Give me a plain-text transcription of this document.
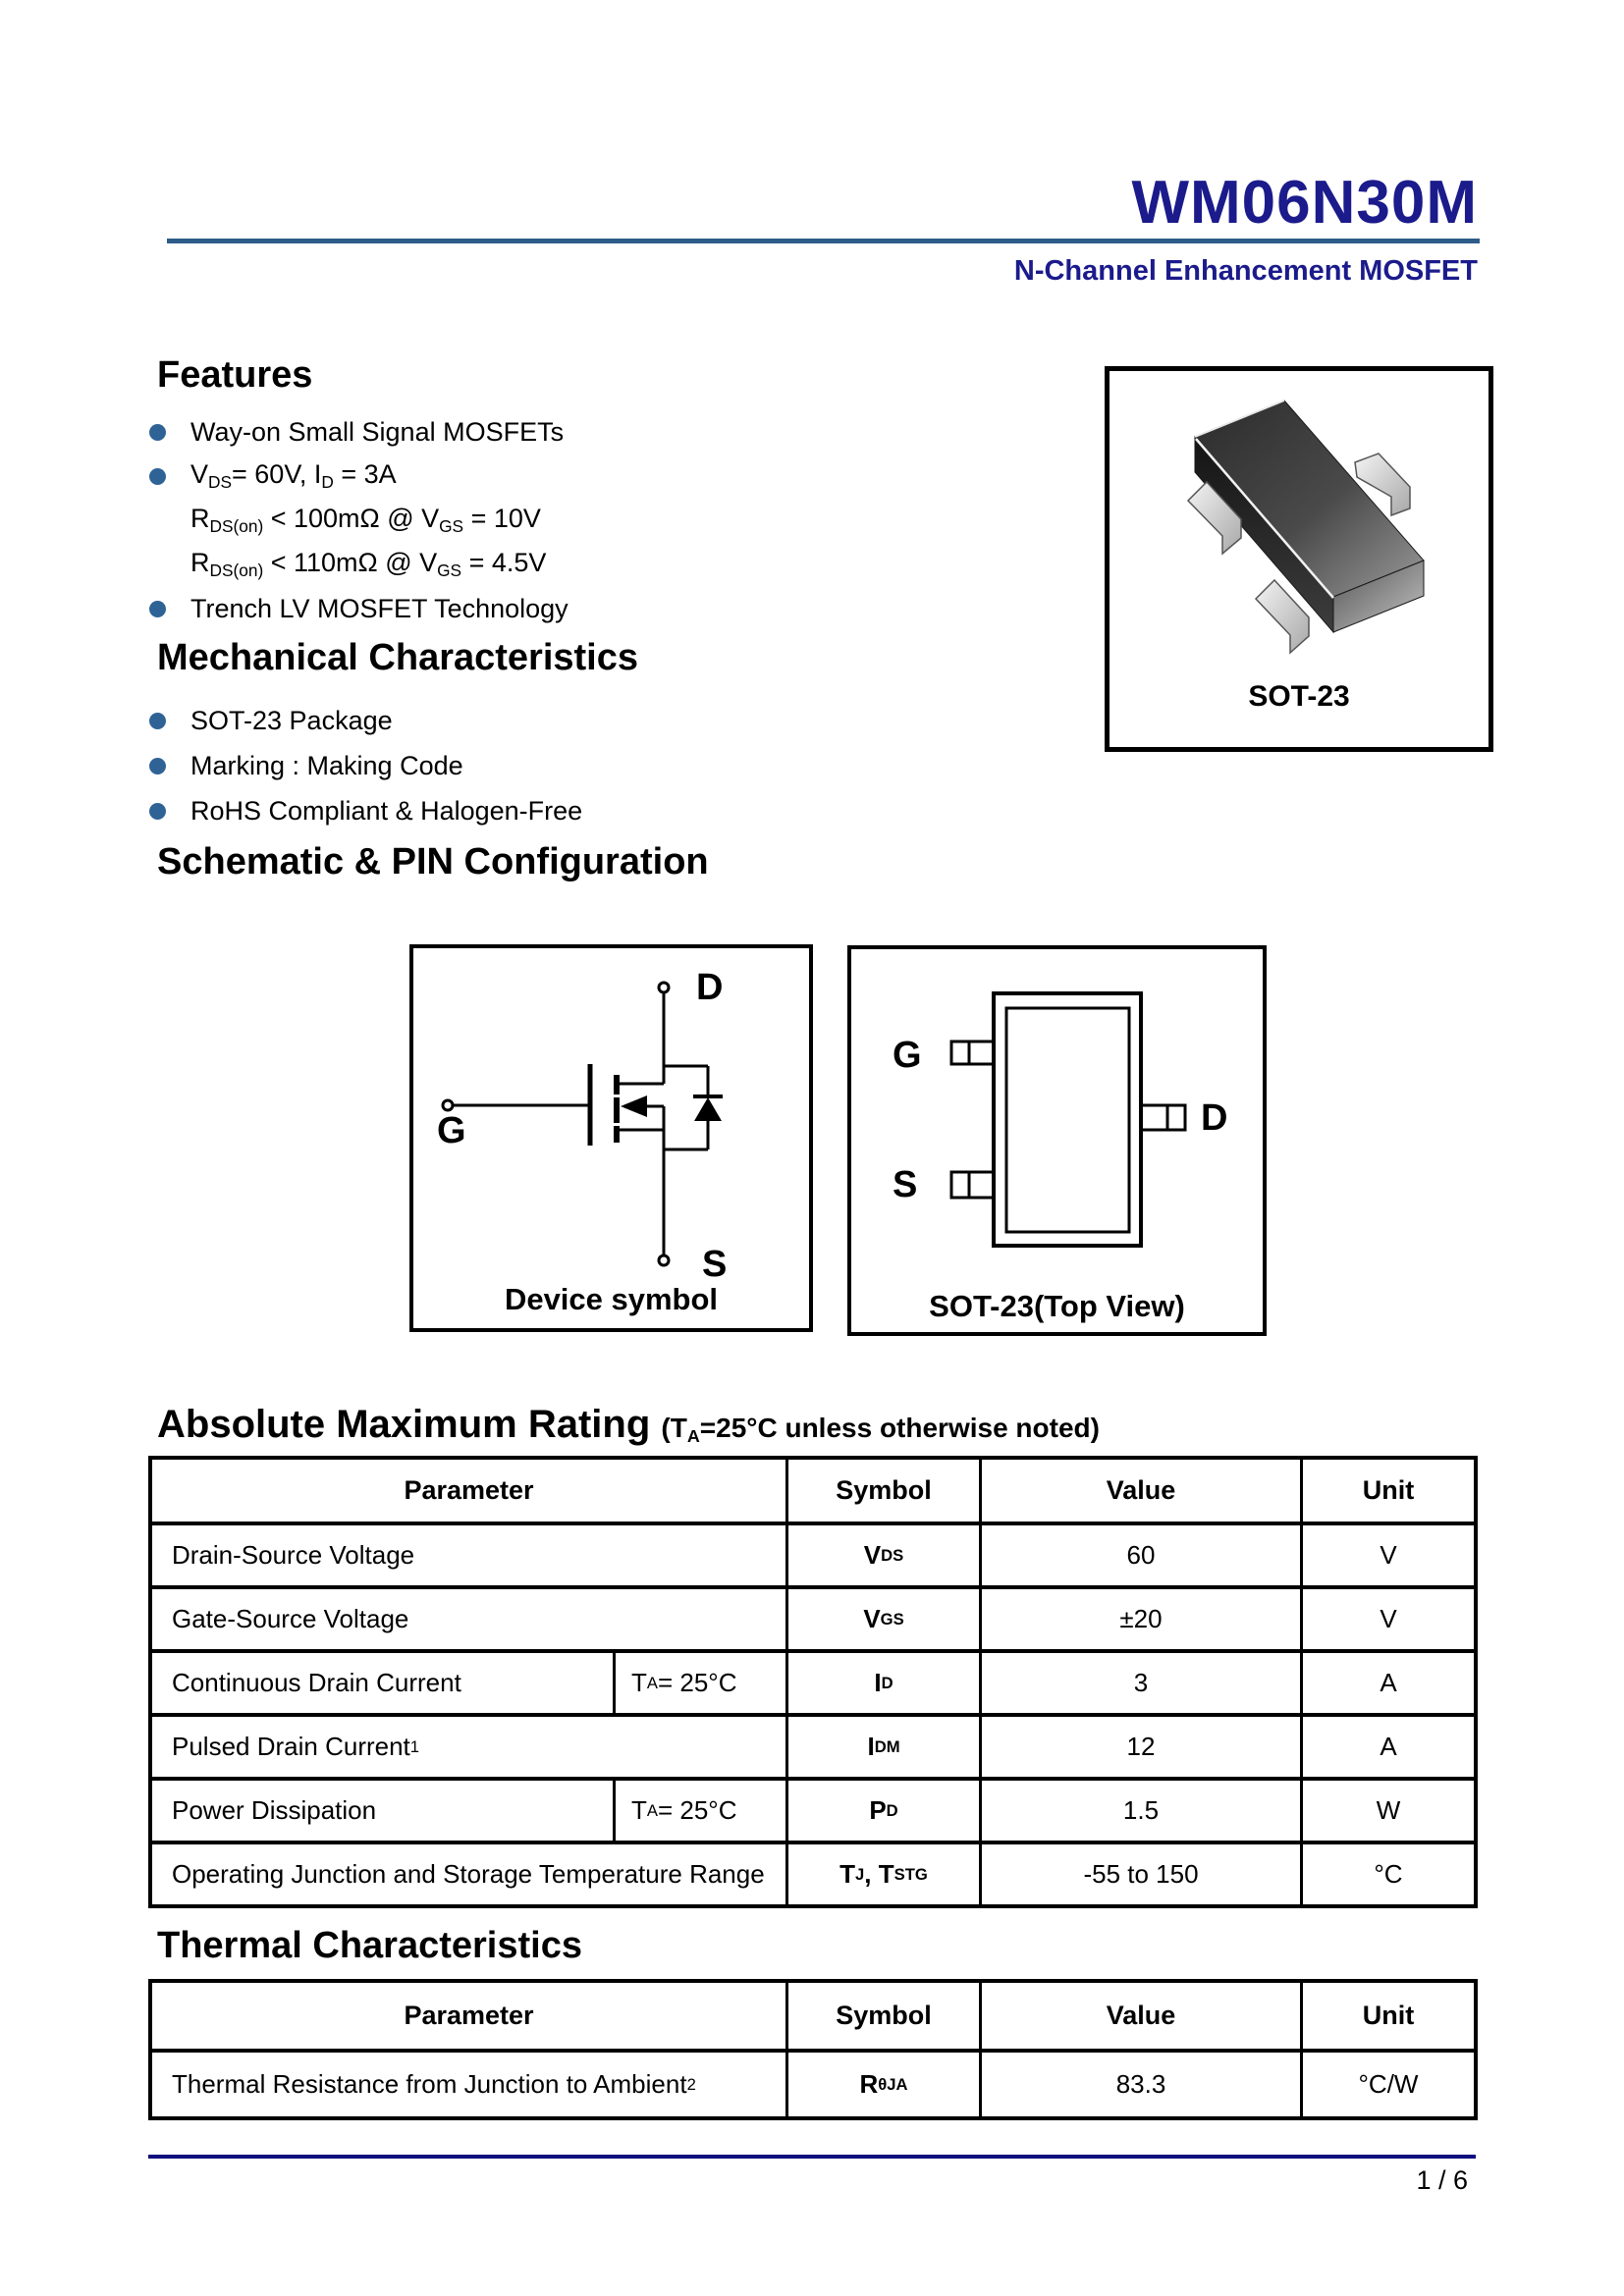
WM06N30M
N-Channel Enhancement MOSFET
Features
Way-on Small Signal MOSFETs
$V_{DS}= 60V$, $I_D = 3A$
$R_{DS(on)} < 100m\Omega$ @ $V_{GS} = 10V$
$R_{DS(on)} < 110m\Omega$ @ $V_{GS} = 4.5V$
Trench LV MOSFET Technology
SOT-23
Mechanical Characteristics
SOT-23 Package
Marking : Making Code
RoHS Compliant & Halogen-Free
Schematic & PIN Configuration
D
G
S
Device symbol
G
S
D
SOT-23(Top View)
Absolute Maximum Rating ($T_A=25^\circ C$ unless otherwise noted)
Parameter	Symbol	Value	Unit
Drain-Source Voltage	V DS	60	V
Gate-Source Voltage	V GS	±20	V
Continuous Drain Current	T A = 25°C	I D	3	A
Pulsed Drain Current 1	I DM	12	A
Power Dissipation	T A = 25°C	P D	1.5	W
Operating Junction and Storage Temperature Range	T J , T STG	-55 to 150	°C
Thermal Characteristics
Parameter	Symbol	Value	Unit
Thermal Resistance from Junction to Ambient 2	R θJA	83.3	°C/W
1 / 6
